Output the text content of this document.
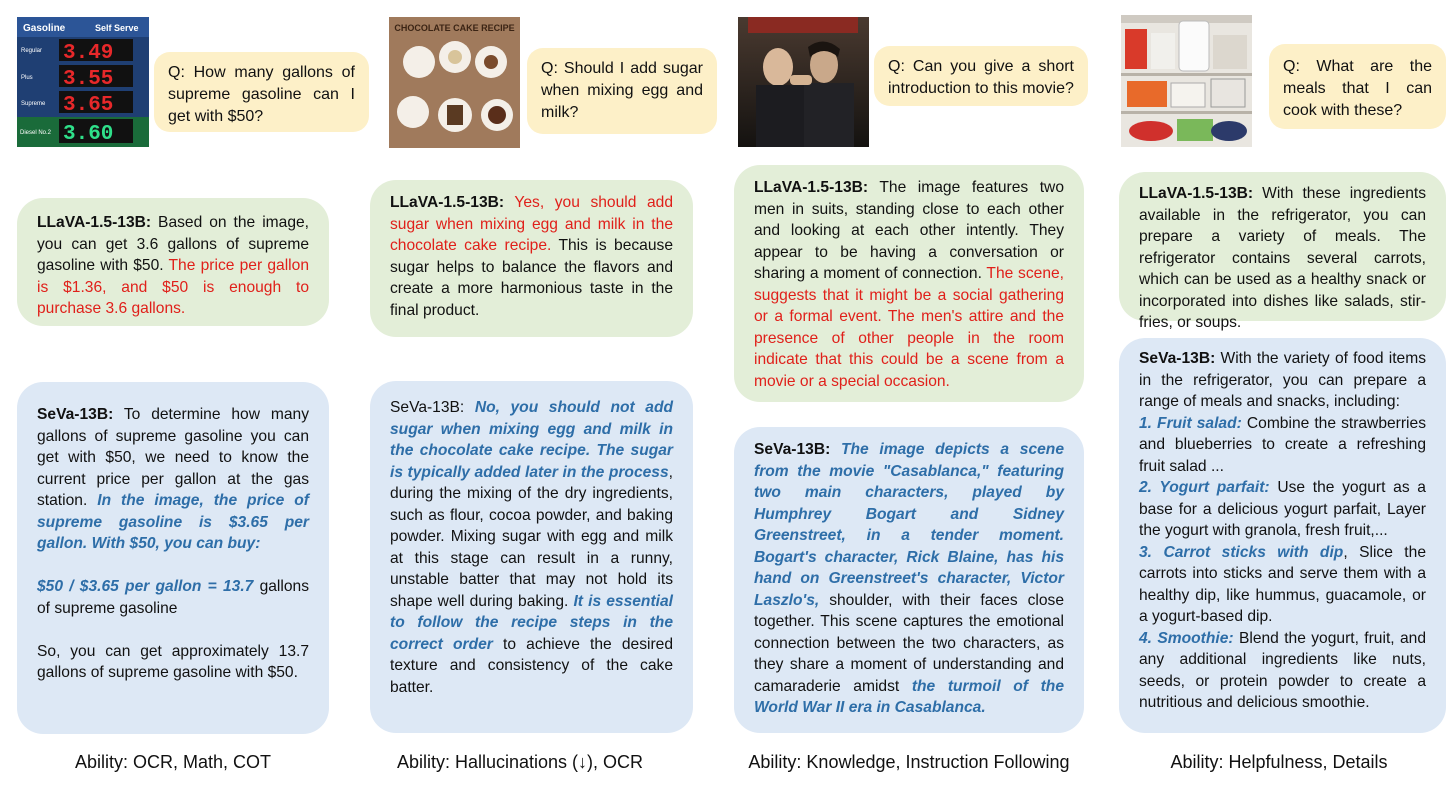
Gasoline	Self Serve
Regular 3.49
Plus 3.55
Supreme 3.65
Diesel No.2 3.60
Q: How many gallons of supreme gasoline can I get with $50?
LLaVA-1.5-13B: Based on the image, you can get 3.6 gallons of supreme gasoline with $50. The price per gallon is $1.36, and $50 is enough to purchase 3.6 gallons.
SeVa-13B: To determine how many gallons of supreme gasoline you can get with $50, we need to know the current price per gallon at the gas station. In the image, the price of supreme gasoline is $3.65 per gallon. With $50, you can buy:

$50 / $3.65 per gallon = 13.7 gallons of supreme gasoline

So, you can get approximately 13.7 gallons of supreme gasoline with $50.
Ability: OCR, Math, COT
CHOCOLATE CAKE RECIPE
Q: Should I add sugar when mixing egg and milk?
LLaVA-1.5-13B: Yes, you should add sugar when mixing egg and milk in the chocolate cake recipe. This is because sugar helps to balance the flavors and create a more harmonious taste in the final product.
SeVa-13B: No, you should not add sugar when mixing egg and milk in the chocolate cake recipe. The sugar is typically added later in the process, during the mixing of the dry ingredients, such as flour, cocoa powder, and baking powder. Mixing sugar with egg and milk at this stage can result in a runny, unstable batter that may not hold its shape well during baking. It is essential to follow the recipe steps in the correct order to achieve the desired texture and consistency of the cake batter.
Ability: Hallucinations (↓), OCR
Q: Can you give a short introduction to this movie?
LLaVA-1.5-13B: The image features two men in suits, standing close to each other and looking at each other intently. They appear to be having a conversation or sharing a moment of connection. The scene, suggests that it might be a social gathering or a formal event. The men's attire and the presence of other people in the room indicate that this could be a scene from a movie or a special occasion.
SeVa-13B: The image depicts a scene from the movie "Casablanca," featuring two main characters, played by Humphrey Bogart and Sidney Greenstreet, in a tender moment. Bogart's character, Rick Blaine, has his hand on Greenstreet's character, Victor Laszlo's, shoulder, with their faces close together. This scene captures the emotional connection between the two characters, as they share a moment of understanding and camaraderie amidst the turmoil of the World War II era in Casablanca.
Ability: Knowledge, Instruction Following
Q: What are the meals that I can cook with these?
LLaVA-1.5-13B: With these ingredients available in the refrigerator, you can prepare a variety of meals. The refrigerator contains several carrots, which can be used as a healthy snack or incorporated into dishes like salads, stir-fries, or soups.
SeVa-13B: With the variety of food items in the refrigerator, you can prepare a range of meals and snacks, including:
1. Fruit salad: Combine the strawberries and blueberries to create a refreshing fruit salad ...
2. Yogurt parfait: Use the yogurt as a base for a delicious yogurt parfait, Layer the yogurt with granola, fresh fruit,...
3. Carrot sticks with dip, Slice the carrots into sticks and serve them with a healthy dip, like hummus, guacamole, or a yogurt-based dip.
4. Smoothie: Blend the yogurt, fruit, and any additional ingredients like nuts, seeds, or protein powder to create a nutritious and delicious smoothie.
Ability: Helpfulness, Details
